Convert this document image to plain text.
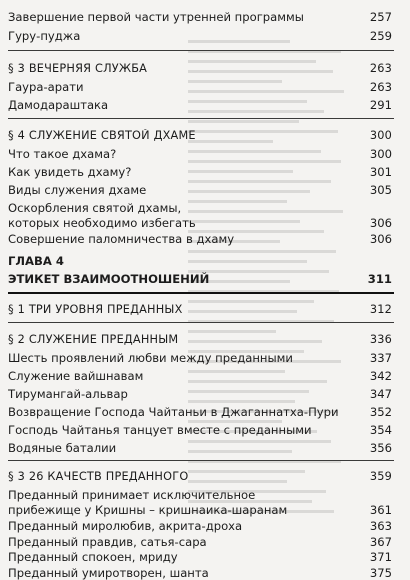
Завершение первой части утренней программы	257
Гуру-пуджа	259
§ 3 ВЕЧЕРНЯЯ СЛУЖБА	263
Гаура-арати	263
Дамодараштака	291
§ 4 СЛУЖЕНИЕ СВЯТОЙ ДХАМЕ	300
Что такое дхама?	300
Как увидеть дхаму?	301
Виды служения дхаме	305
Оскорбления святой дхамы,
которых необходимо избегать	306
Совершение паломничества в дхаму	306
ГЛАВА 4
ЭТИКЕТ ВЗАИМООТНОШЕНИЙ	311
§ 1 ТРИ УРОВНЯ ПРЕДАННЫХ	312
§ 2 СЛУЖЕНИЕ ПРЕДАННЫМ	336
Шесть проявлений любви между преданными	337
Служение вайшнавам	342
Тирумангай-альвар	347
Возвращение Господа Чайтаньи в Джаганнатха-Пури	352
Господь Чайтанья танцует вместе с преданными	354
Водяные баталии	356
§ 3 26 КАЧЕСТВ ПРЕДАННОГО	359
Преданный принимает исключительное
прибежище у Кришны – кришнаика-шаранам	361
Преданный миролюбив, акрита-дроха	363
Преданный правдив, сатья-сара	367
Преданный спокоен, мриду	371
Преданный умиротворен, шанта	375
